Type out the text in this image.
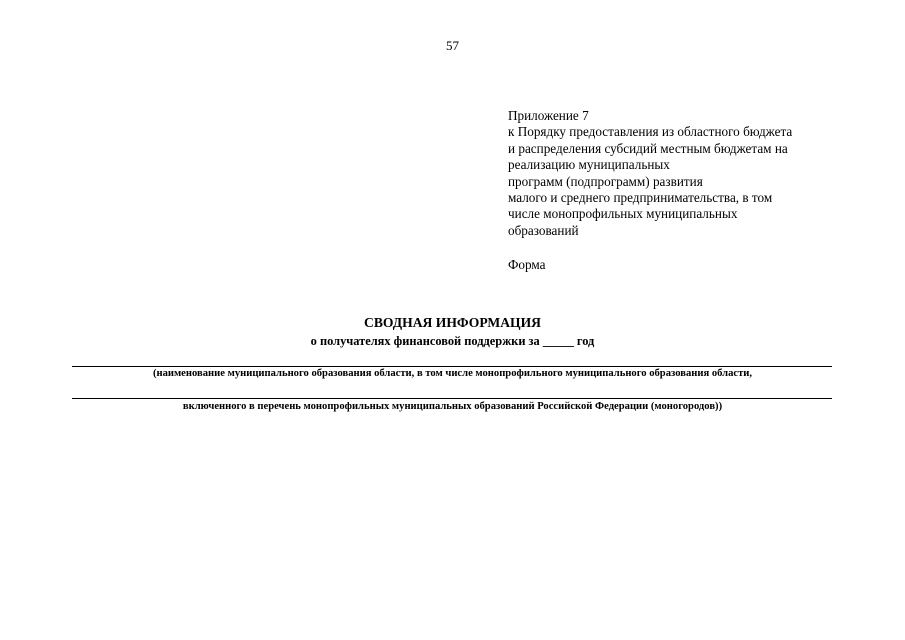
57
Приложение 7
к Порядку предоставления из областного бюджета
и распределения субсидий местным бюджетам на
реализацию муниципальных
программ (подпрограмм) развития
малого и среднего предпринимательства, в том
числе монопрофильных муниципальных
образований
Форма
СВОДНАЯ ИНФОРМАЦИЯ
о получателях финансовой поддержки за _____ год
(наименование муниципального образования области, в том числе монопрофильного муниципального образования области,
включенного в перечень монопрофильных муниципальных образований Российской Федерации (моногородов))
